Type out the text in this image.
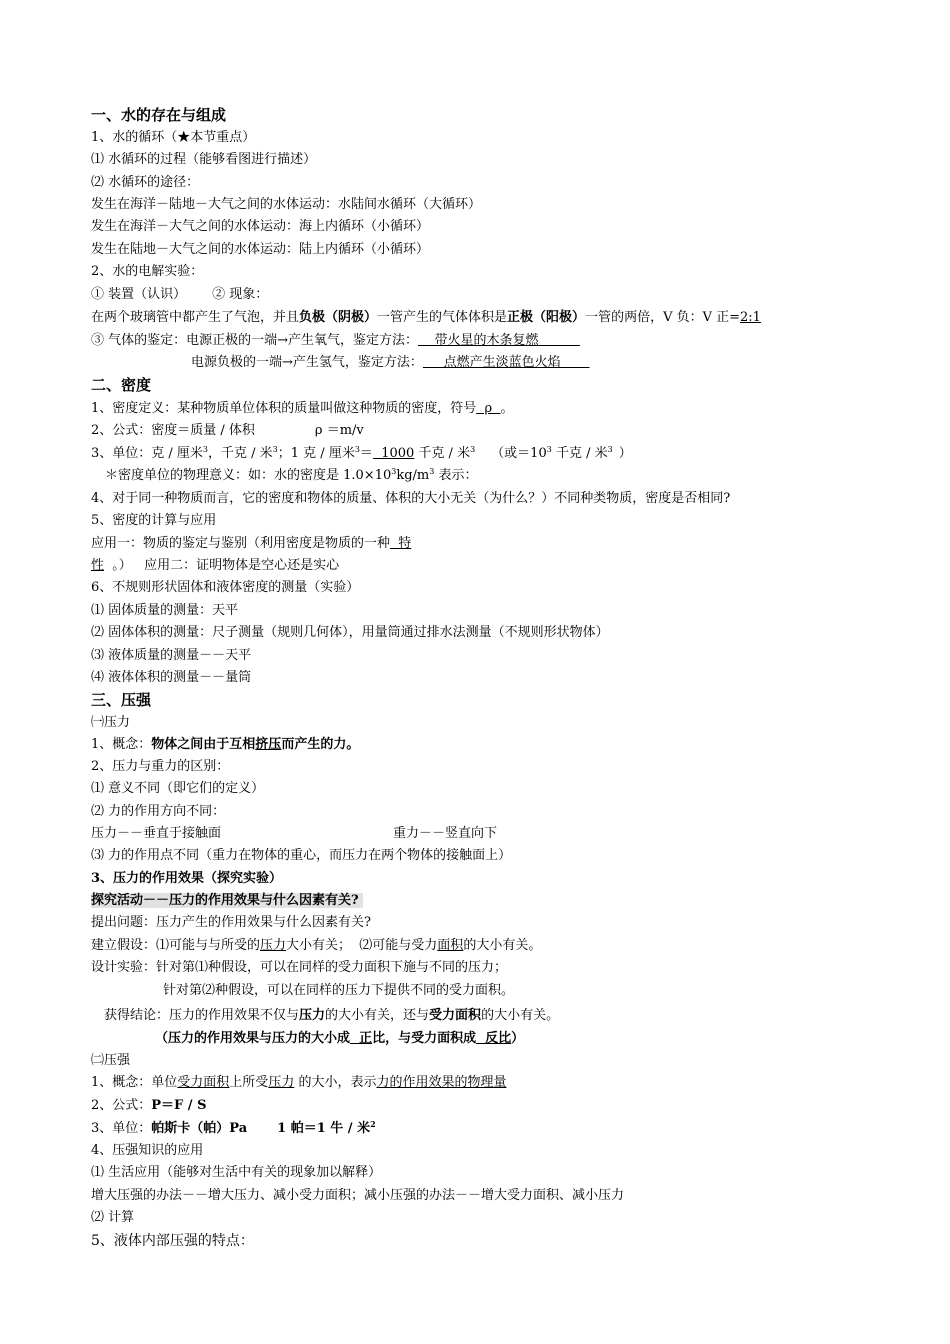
一、水的存在与组成
1、水的循环（★本节重点）
⑴ 水循环的过程（能够看图进行描述）
⑵ 水循环的途径：
发生在海洋－陆地－大气之间的水体运动：水陆间水循环（大循环）
发生在海洋－大气之间的水体运动：海上内循环（小循环）
发生在陆地－大气之间的水体运动：陆上内循环（小循环）
2、水的电解实验：
① 装置（认识） ② 现象：
在两个玻璃管中都产生了气泡，并且负极（阴极）一管产生的气体体积是正极（阳极）一管的两倍，V 负：V 正=2:1
③ 气体的鉴定：电源正极的一端→产生氧气，鉴定方法：    带火星的木条复燃
电源负极的一端→产生氢气，鉴定方法：     点燃产生淡蓝色火焰
二、密度
1、密度定义：某种物质单位体积的质量叫做这种物质的密度，符号  ρ  。
2、公式：密度＝质量 / 体积	ρ ＝m/v
3、单位：克 / 厘米$^3$，千克 / 米$^3$；1 克 / 厘米$^3$＝  1000 千克 / 米$^3$ （或$=10^3$ 千克 / 米$^3$ ）
＊密度单位的物理意义：如：水的密度是 $1.0\times 10^3kg/m^3$ 表示：
4、对于同一种物质而言，它的密度和物体的质量、体积的大小无关（为什么？）不同种类物质，密度是否相同?
5、密度的计算与应用
应用一：物质的鉴定与鉴别（利用密度是物质的一种  特
性  。）   应用二：证明物体是空心还是实心
6、不规则形状固体和液体密度的测量（实验）
⑴ 固体质量的测量：天平
⑵ 固体体积的测量：尺子测量（规则几何体），用量筒通过排水法测量（不规则形状物体）
⑶ 液体质量的测量－－天平
⑷ 液体体积的测量－－量筒
三、压强
㈠压力
1、概念：物体之间由于互相挤压而产生的力。
2、压力与重力的区别：
⑴ 意义不同（即它们的定义）
⑵ 力的作用方向不同：
压力－－垂直于接触面	重力－－竖直向下
⑶ 力的作用点不同（重力在物体的重心，而压力在两个物体的接触面上）
3、压力的作用效果（探究实验）
探究活动－－压力的作用效果与什么因素有关?
提出问题：压力产生的作用效果与什么因素有关?
建立假设：⑴可能与与所受的压力大小有关；  ⑵可能与受力面积的大小有关。
设计实验：针对第⑴种假设，可以在同样的受力面积下施与不同的压力；
针对第⑵种假设，可以在同样的压力下提供不同的受力面积。
获得结论：压力的作用效果不仅与压力的大小有关，还与受力面积的大小有关。
（压力的作用效果与压力的大小成  正比，与受力面积成  反比）
㈡压强
1、概念：单位受力面积上所受压力 的大小，表示力的作用效果的物理量
2、公式：P＝F / S
3、单位：帕斯卡（帕）Pa 1 帕＝1 牛 / 米$^2$
4、压强知识的应用
⑴ 生活应用（能够对生活中有关的现象加以解释）
增大压强的办法－－增大压力、减小受力面积；减小压强的办法－－增大受力面积、减小压力
⑵ 计算
5、液体内部压强的特点：
